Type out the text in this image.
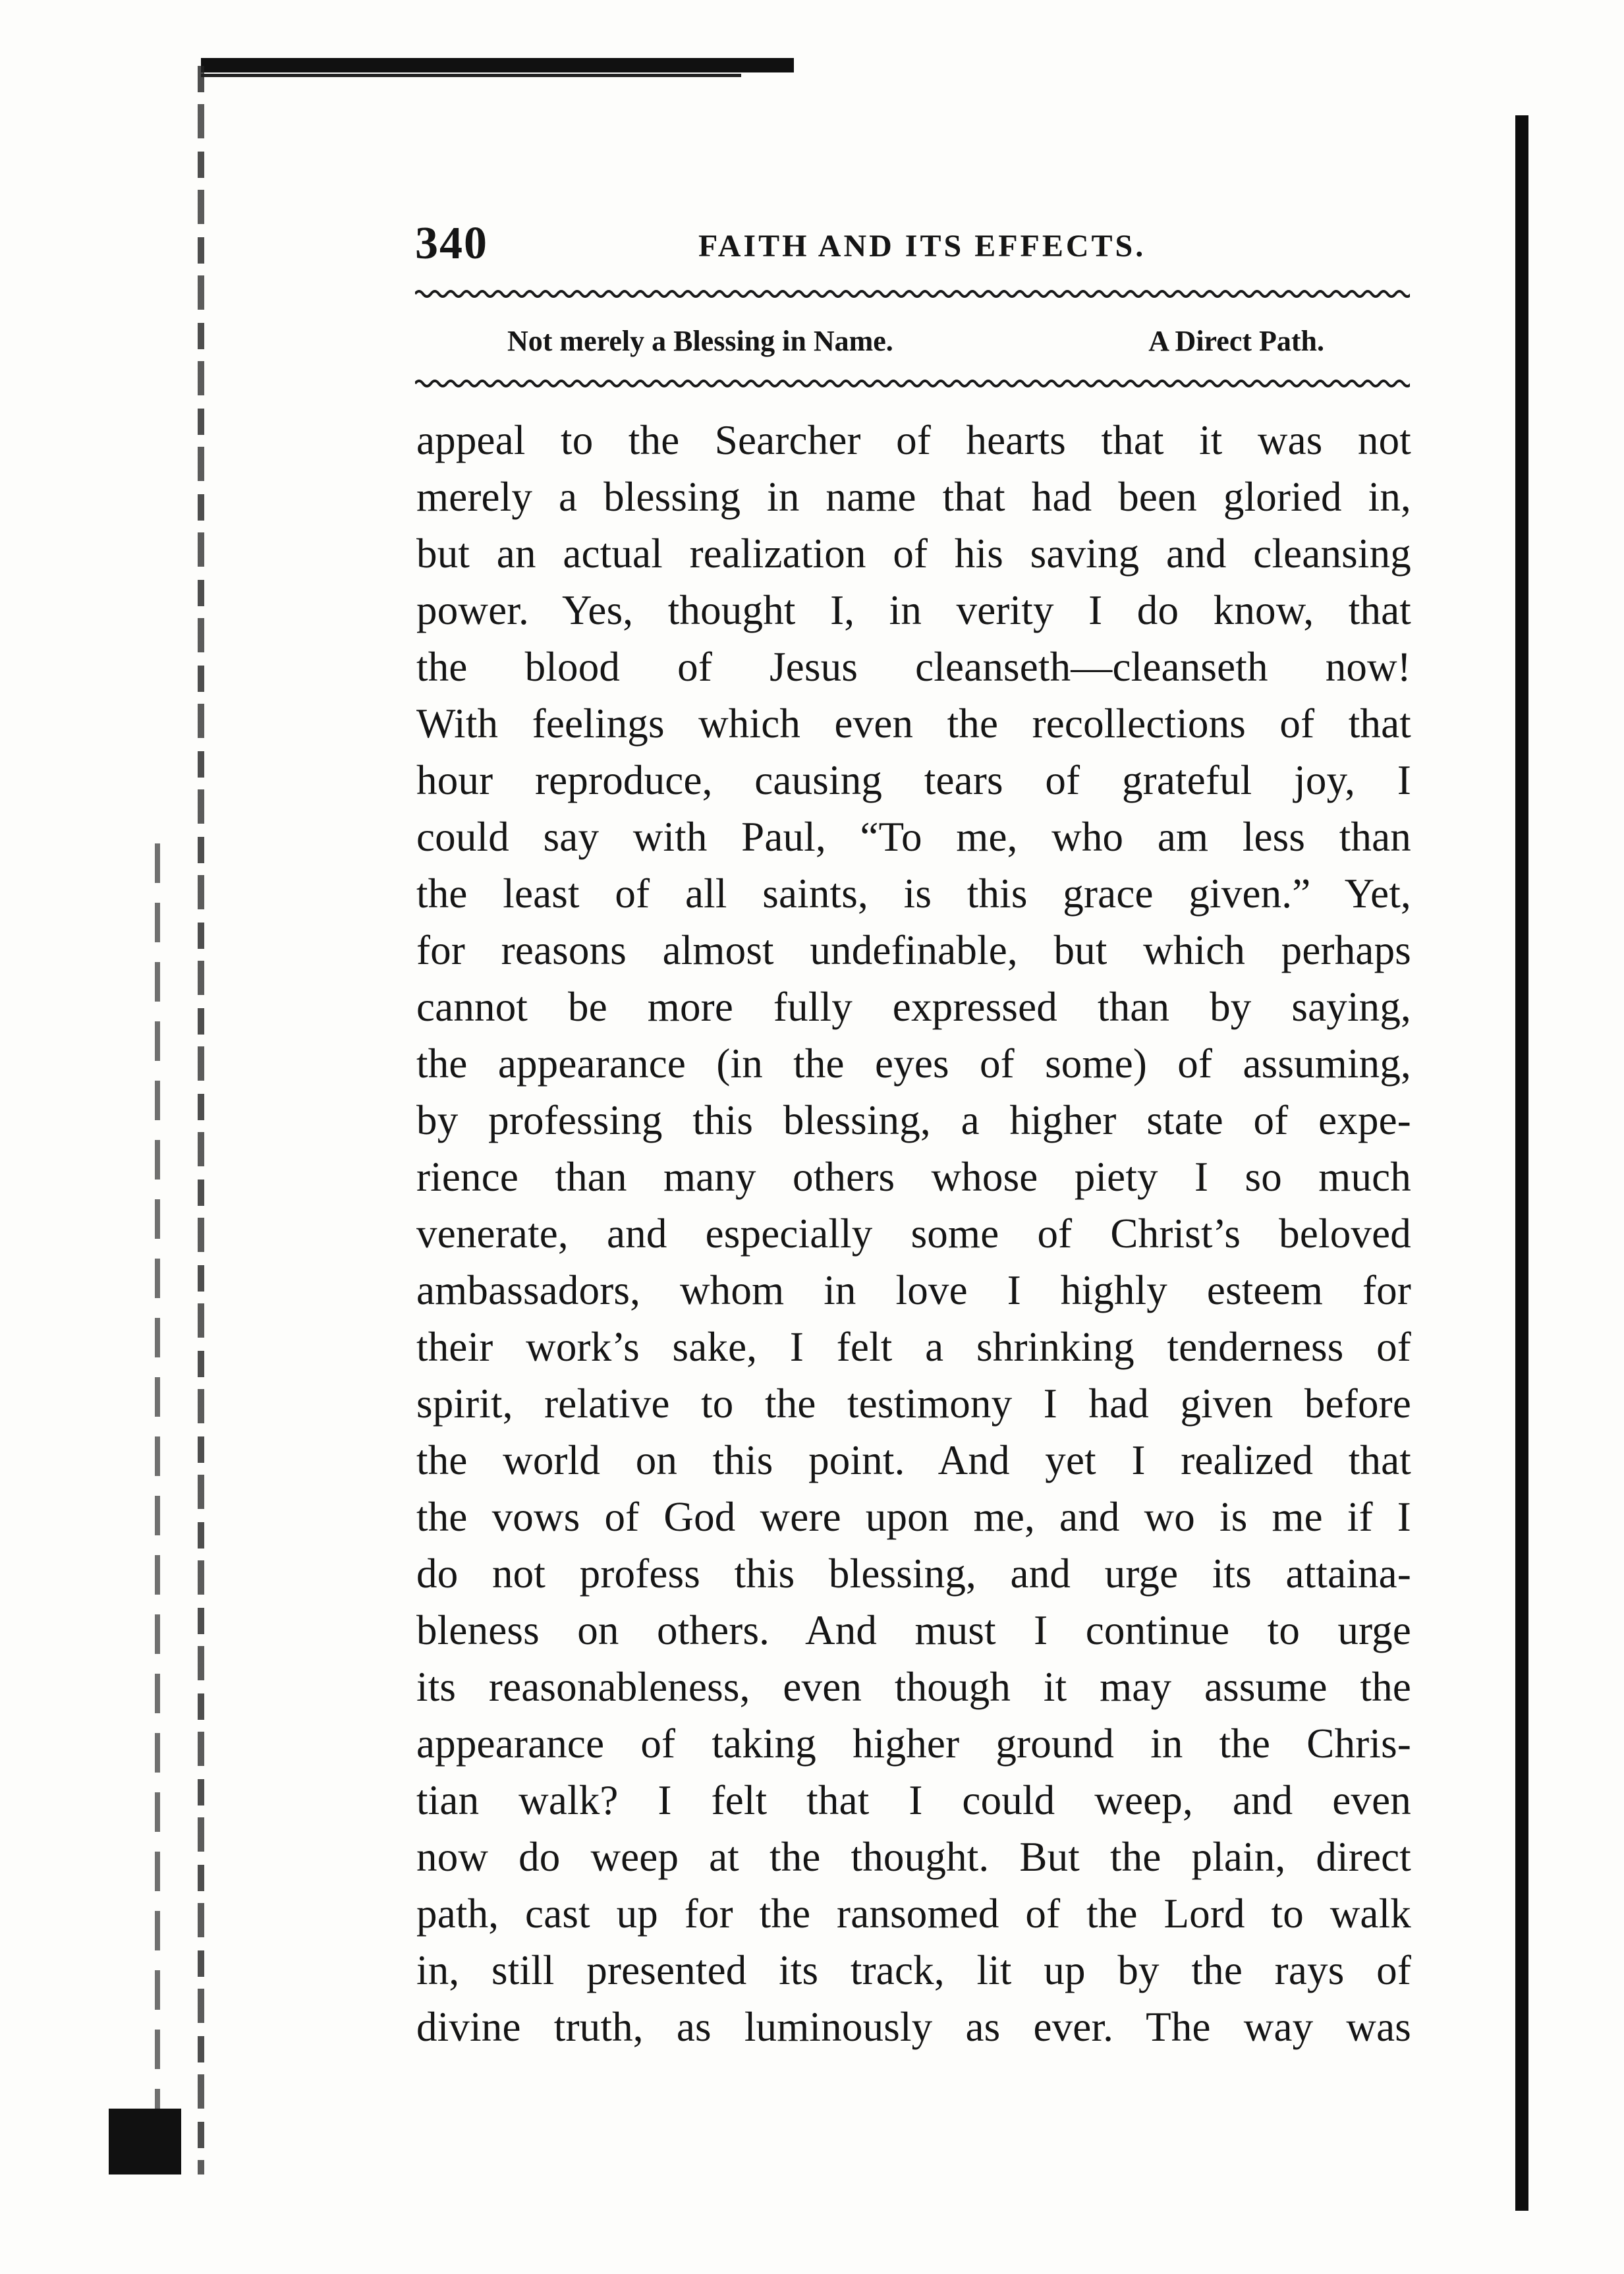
340	FAITH AND ITS EFFECTS.
Not merely a Blessing in Name.	A Direct Path.
appeal to the Searcher of hearts that it was not
merely a blessing in name that had been gloried in,
but an actual realization of his saving and cleansing
power. Yes, thought I, in verity I do know, that
the blood of Jesus cleanseth—cleanseth now!
With feelings which even the recollections of that
hour reproduce, causing tears of grateful joy, I
could say with Paul, “To me, who am less than
the least of all saints, is this grace given.” Yet,
for reasons almost undefinable, but which perhaps
cannot be more fully expressed than by saying,
the appearance (in the eyes of some) of assuming,
by professing this blessing, a higher state of expe-
rience than many others whose piety I so much
venerate, and especially some of Christ’s beloved
ambassadors, whom in love I highly esteem for
their work’s sake, I felt a shrinking tenderness of
spirit, relative to the testimony I had given before
the world on this point. And yet I realized that
the vows of God were upon me, and wo is me if I
do not profess this blessing, and urge its attaina-
bleness on others. And must I continue to urge
its reasonableness, even though it may assume the
appearance of taking higher ground in the Chris-
tian walk? I felt that I could weep, and even
now do weep at the thought. But the plain, direct
path, cast up for the ransomed of the Lord to walk
in, still presented its track, lit up by the rays of
divine truth, as luminously as ever. The way was
